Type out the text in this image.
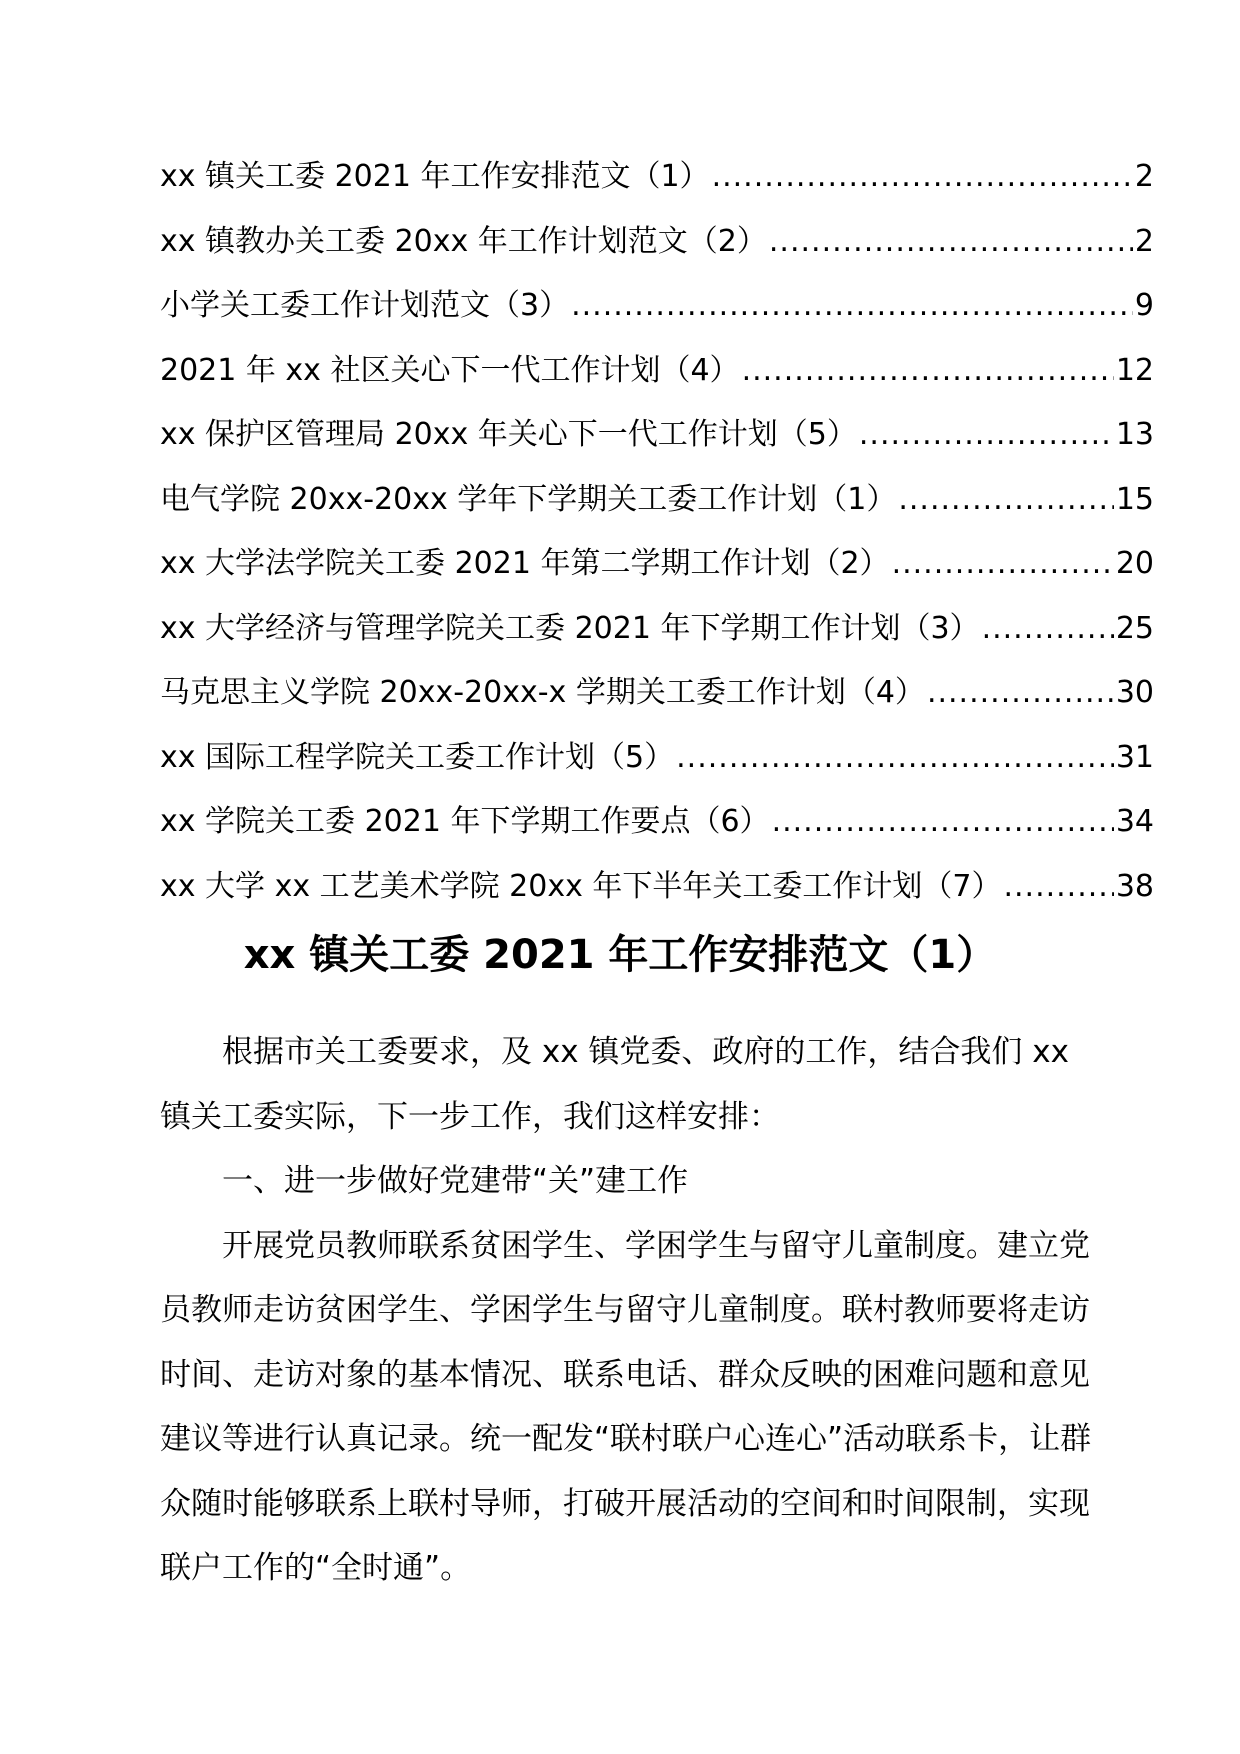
xx 镇关工委 2021 年工作安排范文（1） .....	2
xx 镇教办关工委 20xx 年工作计划范文（2） .....	2
小学关工委工作计划范文（3） .....	9
2021 年 xx 社区关心下一代工作计划（4） .....	12
xx 保护区管理局 20xx 年关心下一代工作计划（5） .....	13
电气学院 20xx-20xx 学年下学期关工委工作计划（1） .....	15
xx 大学法学院关工委 2021 年第二学期工作计划（2） .....	20
xx 大学经济与管理学院关工委 2021 年下学期工作计划（3） .....	25
马克思主义学院 20xx-20xx-x 学期关工委工作计划（4） .....	30
xx 国际工程学院关工委工作计划（5） .....	31
xx 学院关工委 2021 年下学期工作要点（6） .....	34
xx 大学 xx 工艺美术学院 20xx 年下半年关工委工作计划（7） .....	38
xx 镇关工委 2021 年工作安排范文（1）

根据市关工委要求，及 xx 镇党委、政府的工作，结合我们 xx 镇关工委实际，下一步工作，我们这样安排：

一、进一步做好党建带“关”建工作

开展党员教师联系贫困学生、学困学生与留守儿童制度。建立党员教师走访贫困学生、学困学生与留守儿童制度。联村教师要将走访时间、走访对象的基本情况、联系电话、群众反映的困难问题和意见建议等进行认真记录。统一配发“联村联户心连心”活动联系卡，让群众随时能够联系上联村导师，打破开展活动的空间和时间限制，实现联户工作的“全时通”。
